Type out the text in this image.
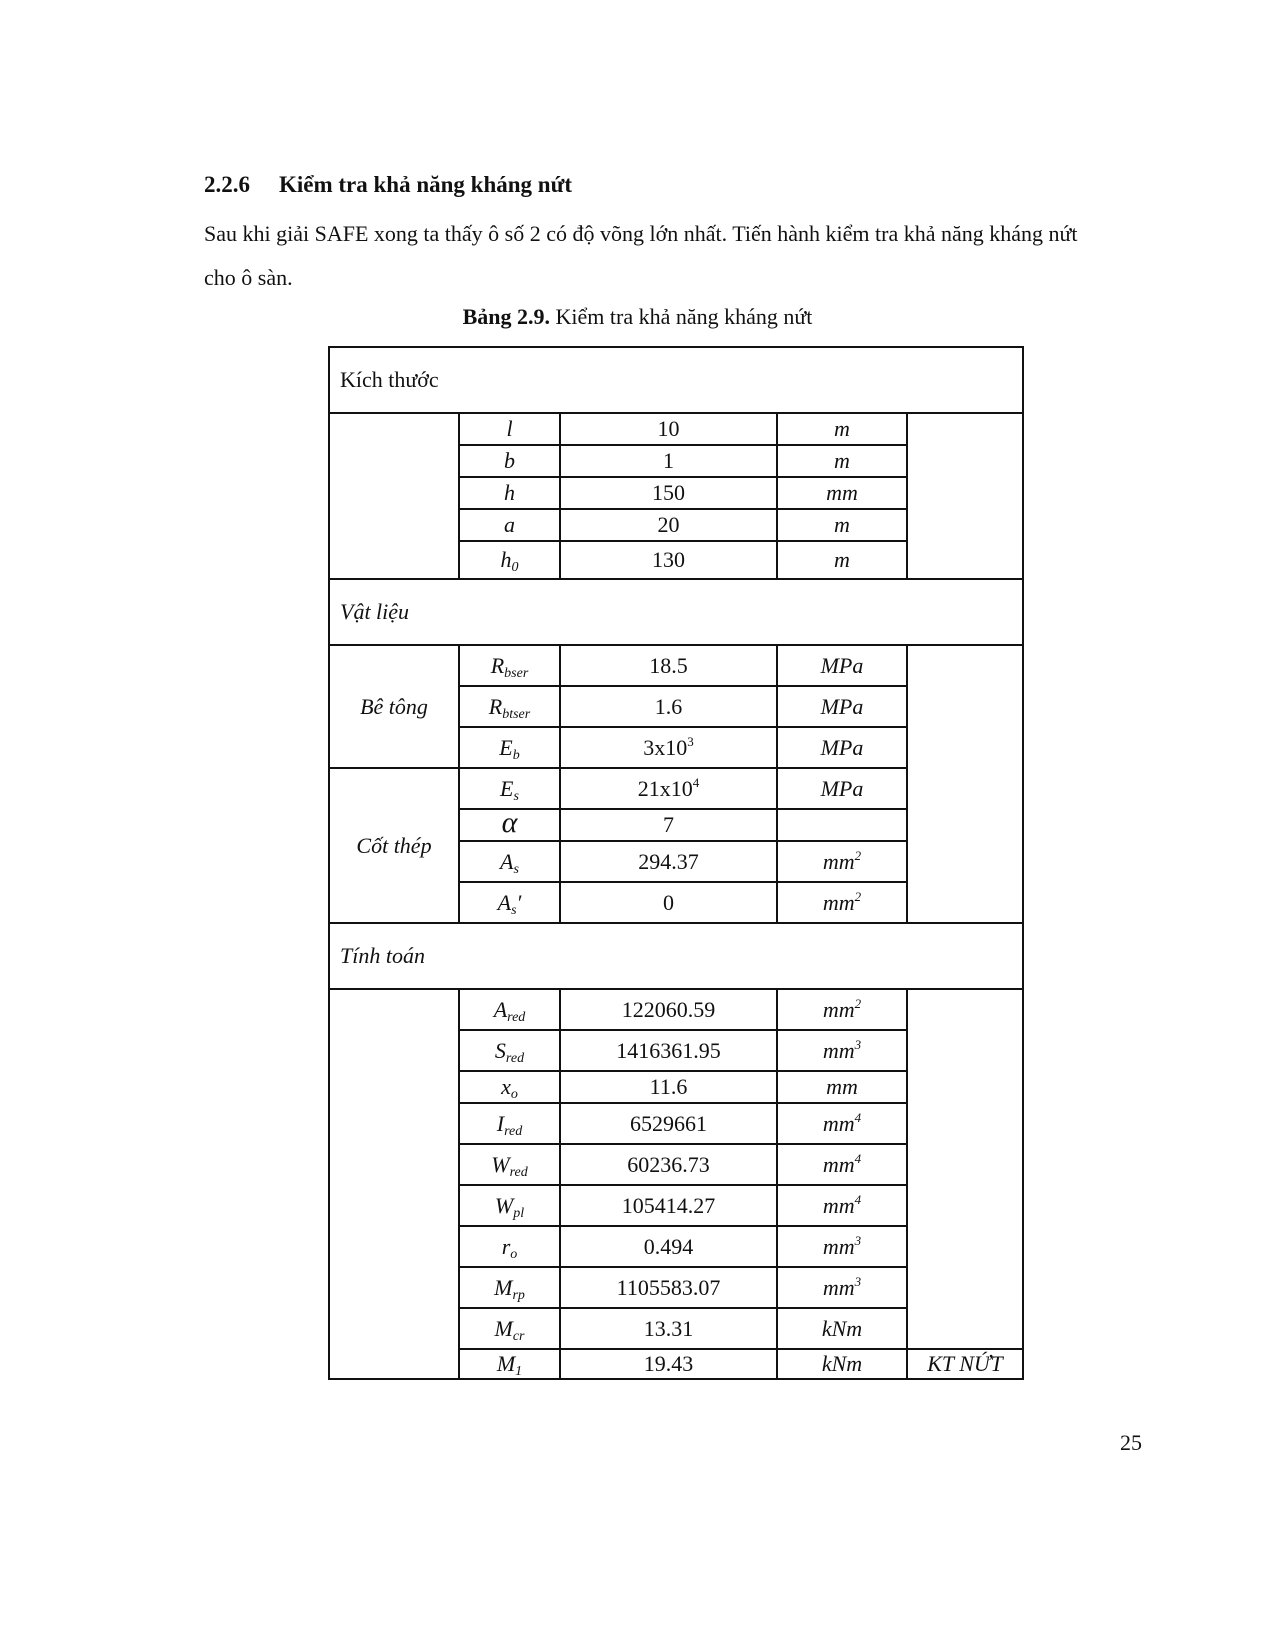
2.2.6 Kiểm tra khả năng kháng nứt
Sau khi giải SAFE xong ta thấy ô số 2 có độ võng lớn nhất. Tiến hành kiểm tra khả năng kháng nứt cho ô sàn.
Bảng 2.9. Kiểm tra khả năng kháng nứt
Kích thước				
	l	10	m	
	b	1	m	
	h	150	mm	
	a	20	m	
	$h_0$	130	m	
Vật liệu				
Bê tông	$R_{bser}$	18.5	MPa	
	$R_{btser}$	1.6	MPa	
	$E_b$	$3x10^3$	MPa	
Cốt thép	$E_s$	$21x10^4$	MPa	
	α	7		
	$A_s$	294.37	$mm^2$
	$A_s'$	0	$mm^2$
Tính toán				
	$A_{red}$	122060.59	$mm^2$	
	$S_{red}$	1416361.95	$mm^3$
	$x_o$	11.6	mm	
	$I_{red}$	6529661	$mm^4$
	$W_{red}$	60236.73	$mm^4$
	$W_{pl}$	105414.27	$mm^4$
	$r_o$	0.494	$mm^3$
	$M_{rp}$	1105583.07	$mm^3$
	$M_{cr}$	13.31	kNm	
	$M_1$	19.43	kNm	KT NỨT
25
